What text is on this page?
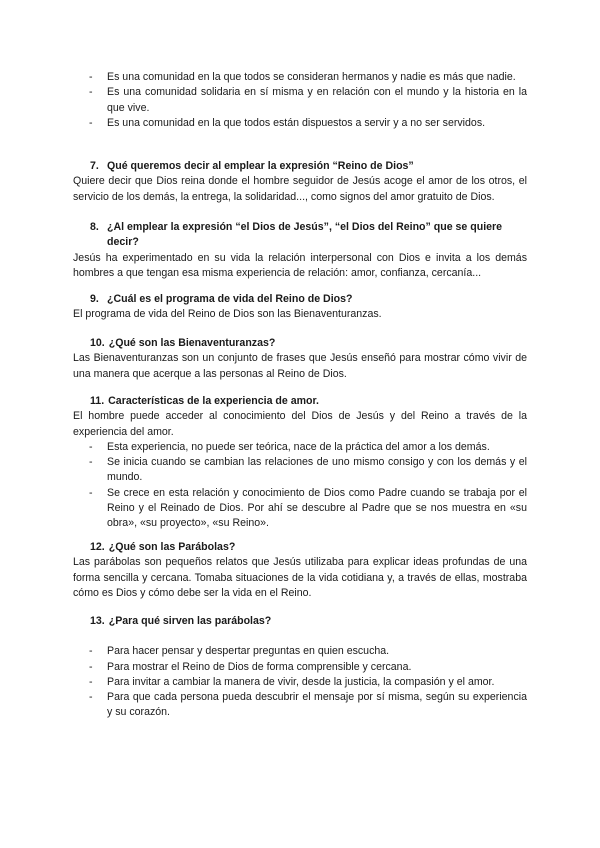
- Es una comunidad en la que todos se consideran hermanos y nadie es más que nadie.
- Es una comunidad solidaria en sí misma y en relación con el mundo y la historia en la que vive.
- Es una comunidad en la que todos están dispuestos a servir y a no ser servidos.
7. Qué queremos decir al emplear la expresión “Reino de Dios”

Quiere decir que Dios reina donde el hombre seguidor de Jesús acoge el amor de los otros, el servicio de los demás, la entrega, la solidaridad..., como signos del amor gratuito de Dios.

8. ¿Al emplear la expresión “el Dios de Jesús”, “el Dios del Reino” que se quiere decir?

Jesús ha experimentado en su vida la relación interpersonal con Dios e invita a los demás hombres a que tengan esa misma experiencia de relación: amor, confianza, cercanía...

9. ¿Cuál es el programa de vida del Reino de Dios?

El programa de vida del Reino de Dios son las Bienaventuranzas.

10. ¿Qué son las Bienaventuranzas?

Las Bienaventuranzas son un conjunto de frases que Jesús enseñó para mostrar cómo vivir de una manera que acerque a las personas al Reino de Dios.

11. Características de la experiencia de amor.

El hombre puede acceder al conocimiento del Dios de Jesús y del Reino a través de la experiencia del amor.

- Esta experiencia, no puede ser teórica, nace de la práctica del amor a los demás.
- Se inicia cuando se cambian las relaciones de uno mismo consigo y con los demás y el mundo.
- Se crece en esta relación y conocimiento de Dios como Padre cuando se trabaja por el Reino y el Reinado de Dios. Por ahí se descubre al Padre que se nos muestra en «su obra», «su proyecto», «su Reino».
12. ¿Qué son las Parábolas?

Las parábolas son pequeños relatos que Jesús utilizaba para explicar ideas profundas de una forma sencilla y cercana. Tomaba situaciones de la vida cotidiana y, a través de ellas, mostraba cómo es Dios y cómo debe ser la vida en el Reino.

13. ¿Para qué sirven las parábolas?
- Para hacer pensar y despertar preguntas en quien escucha.
- Para mostrar el Reino de Dios de forma comprensible y cercana.
- Para invitar a cambiar la manera de vivir, desde la justicia, la compasión y el amor.
- Para que cada persona pueda descubrir el mensaje por sí misma, según su experiencia y su corazón.
